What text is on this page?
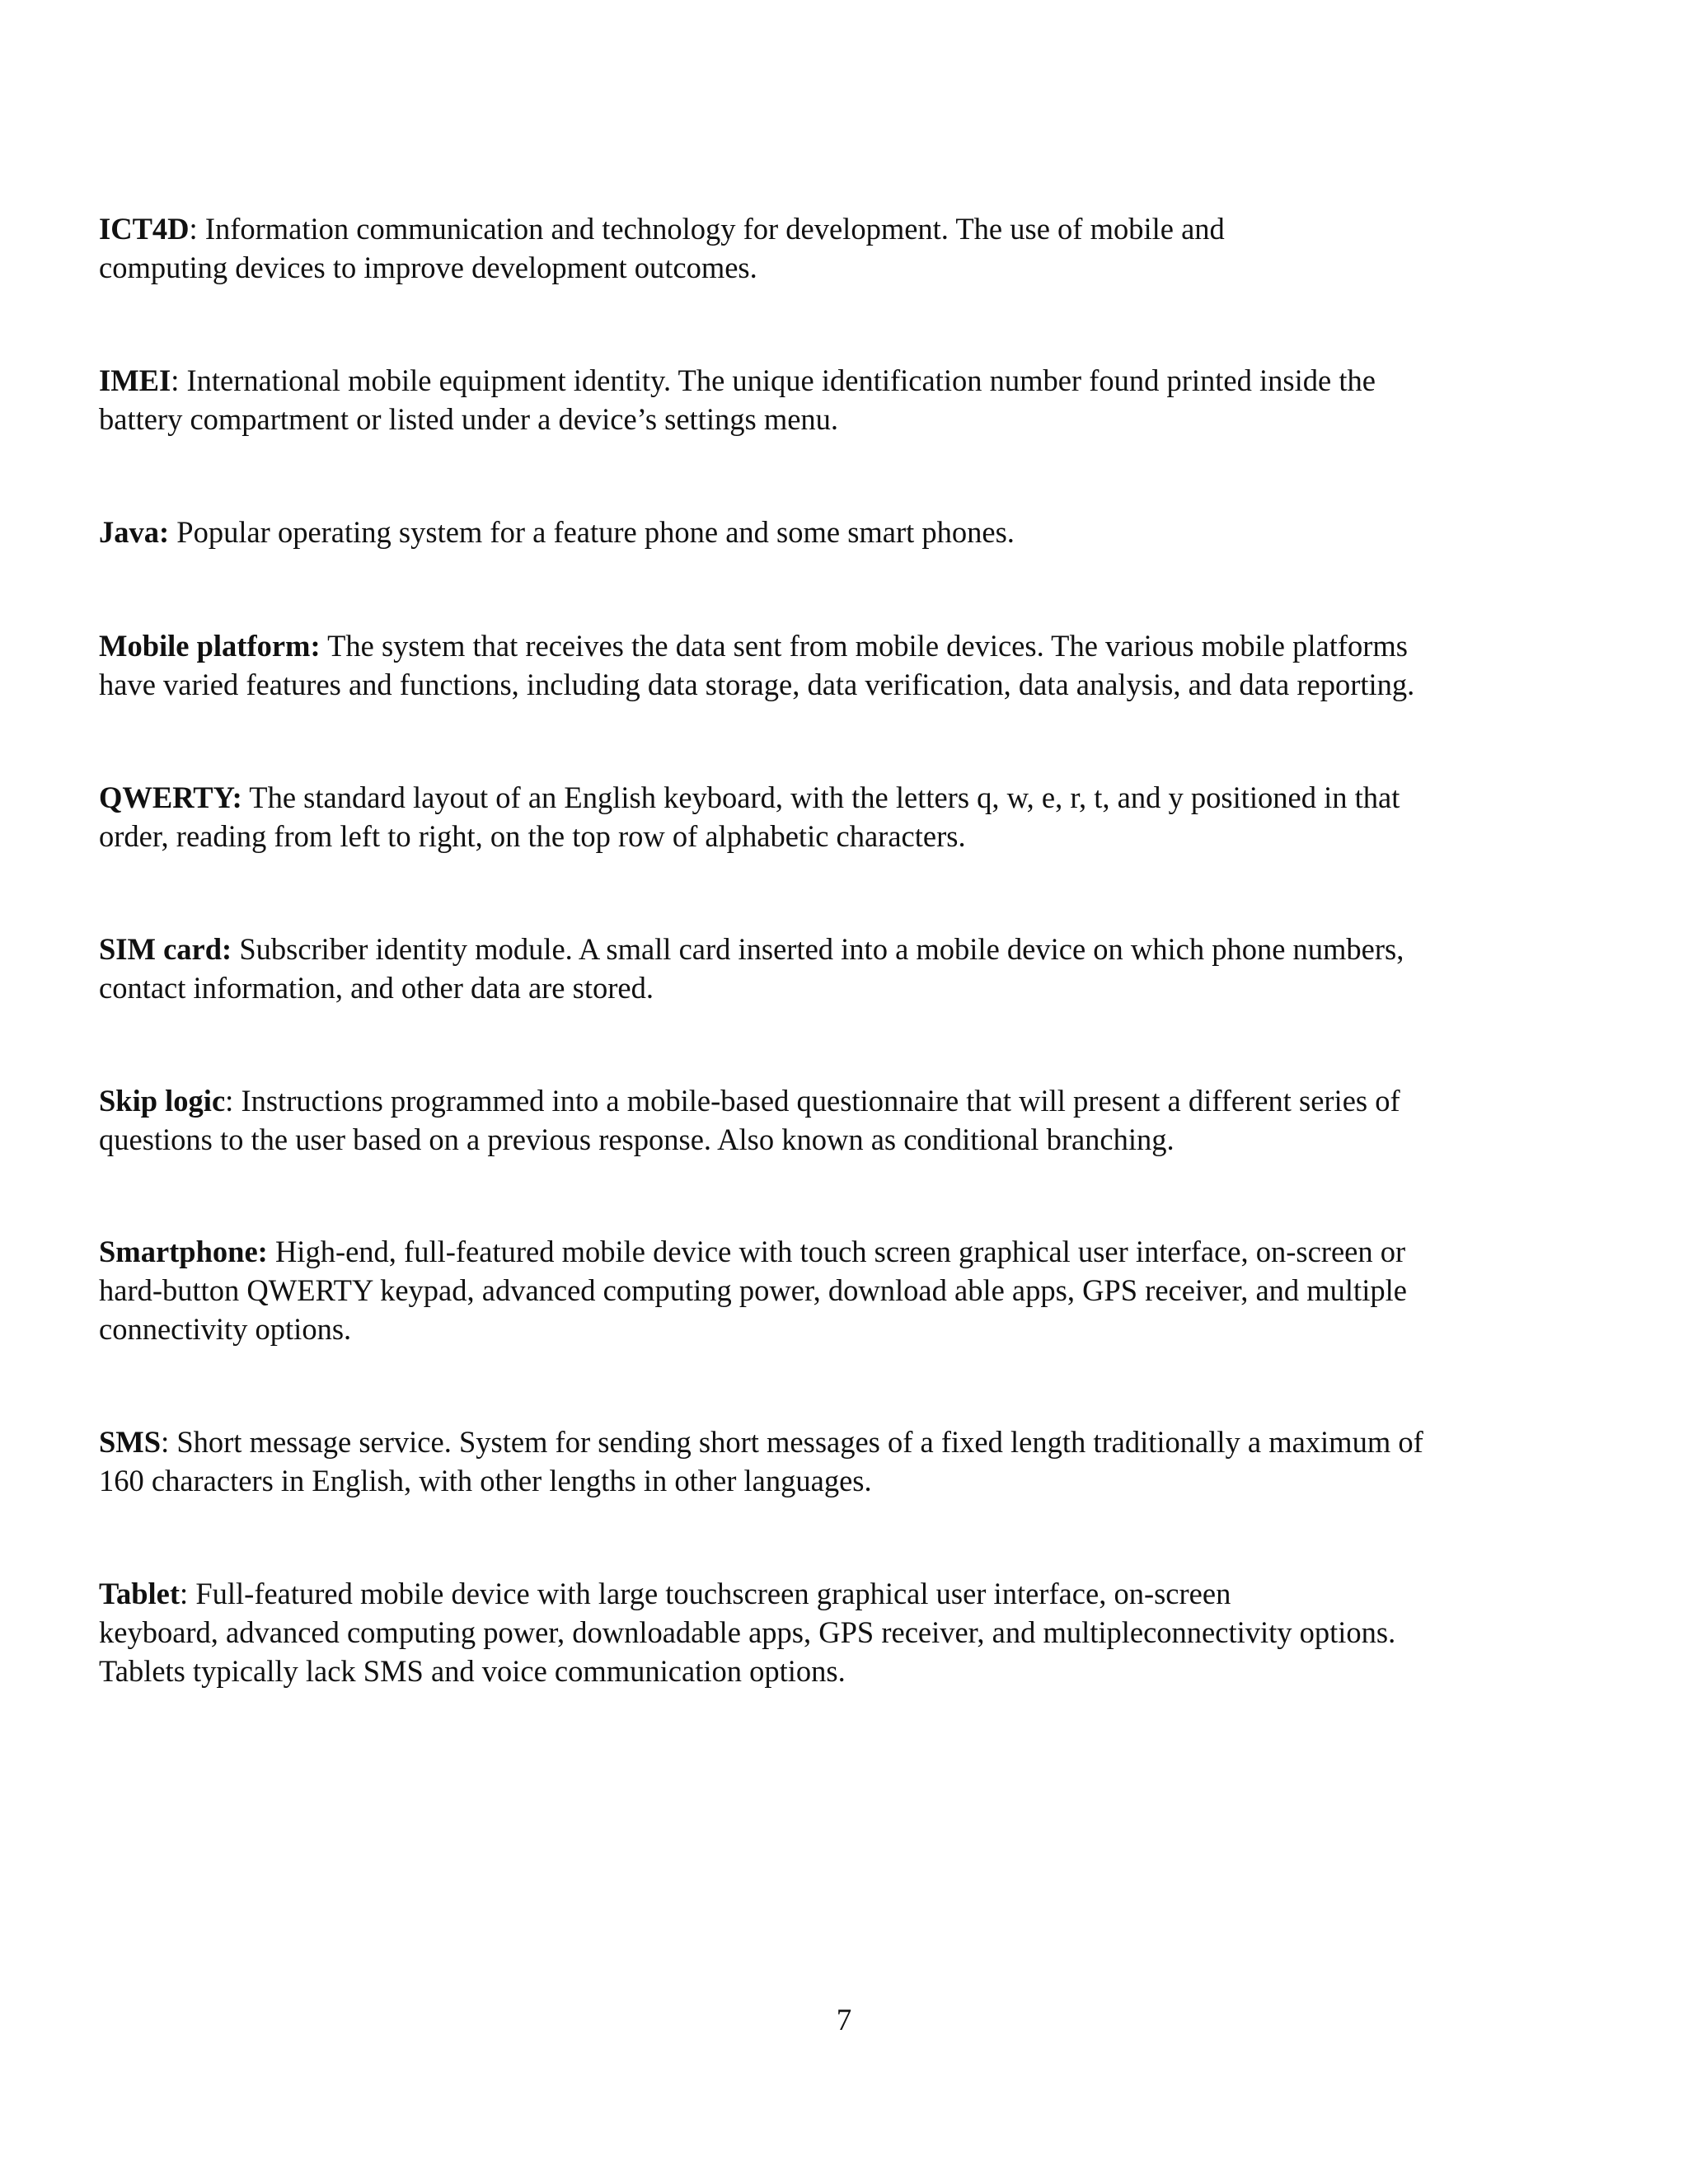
ICT4D: Information communication and technology for development. The use of mobile and
computing devices to improve development outcomes.
IMEI: International mobile equipment identity. The unique identification number found printed inside the
battery compartment or listed under a device’s settings menu.
Java: Popular operating system for a feature phone and some smart phones.
Mobile platform: The system that receives the data sent from mobile devices. The various mobile platforms
have varied features and functions, including data storage, data verification, data analysis, and data reporting.
QWERTY: The standard layout of an English keyboard, with the letters q, w, e, r, t, and y positioned in that
order, reading from left to right, on the top row of alphabetic characters.
SIM card: Subscriber identity module. A small card inserted into a mobile device on which phone numbers,
contact information, and other data are stored.
Skip logic: Instructions programmed into a mobile-based questionnaire that will present a different series of
questions to the user based on a previous response. Also known as conditional branching.
Smartphone: High-end, full-featured mobile device with touch screen graphical user interface, on-screen or
hard-button QWERTY keypad, advanced computing power, download able apps, GPS receiver, and multiple
connectivity options.
SMS: Short message service. System for sending short messages of a fixed length traditionally a maximum of
160 characters in English, with other lengths in other languages.
Tablet: Full-featured mobile device with large touchscreen graphical user interface, on-screen
keyboard, advanced computing power, downloadable apps, GPS receiver, and multipleconnectivity options.
Tablets typically lack SMS and voice communication options.
7
